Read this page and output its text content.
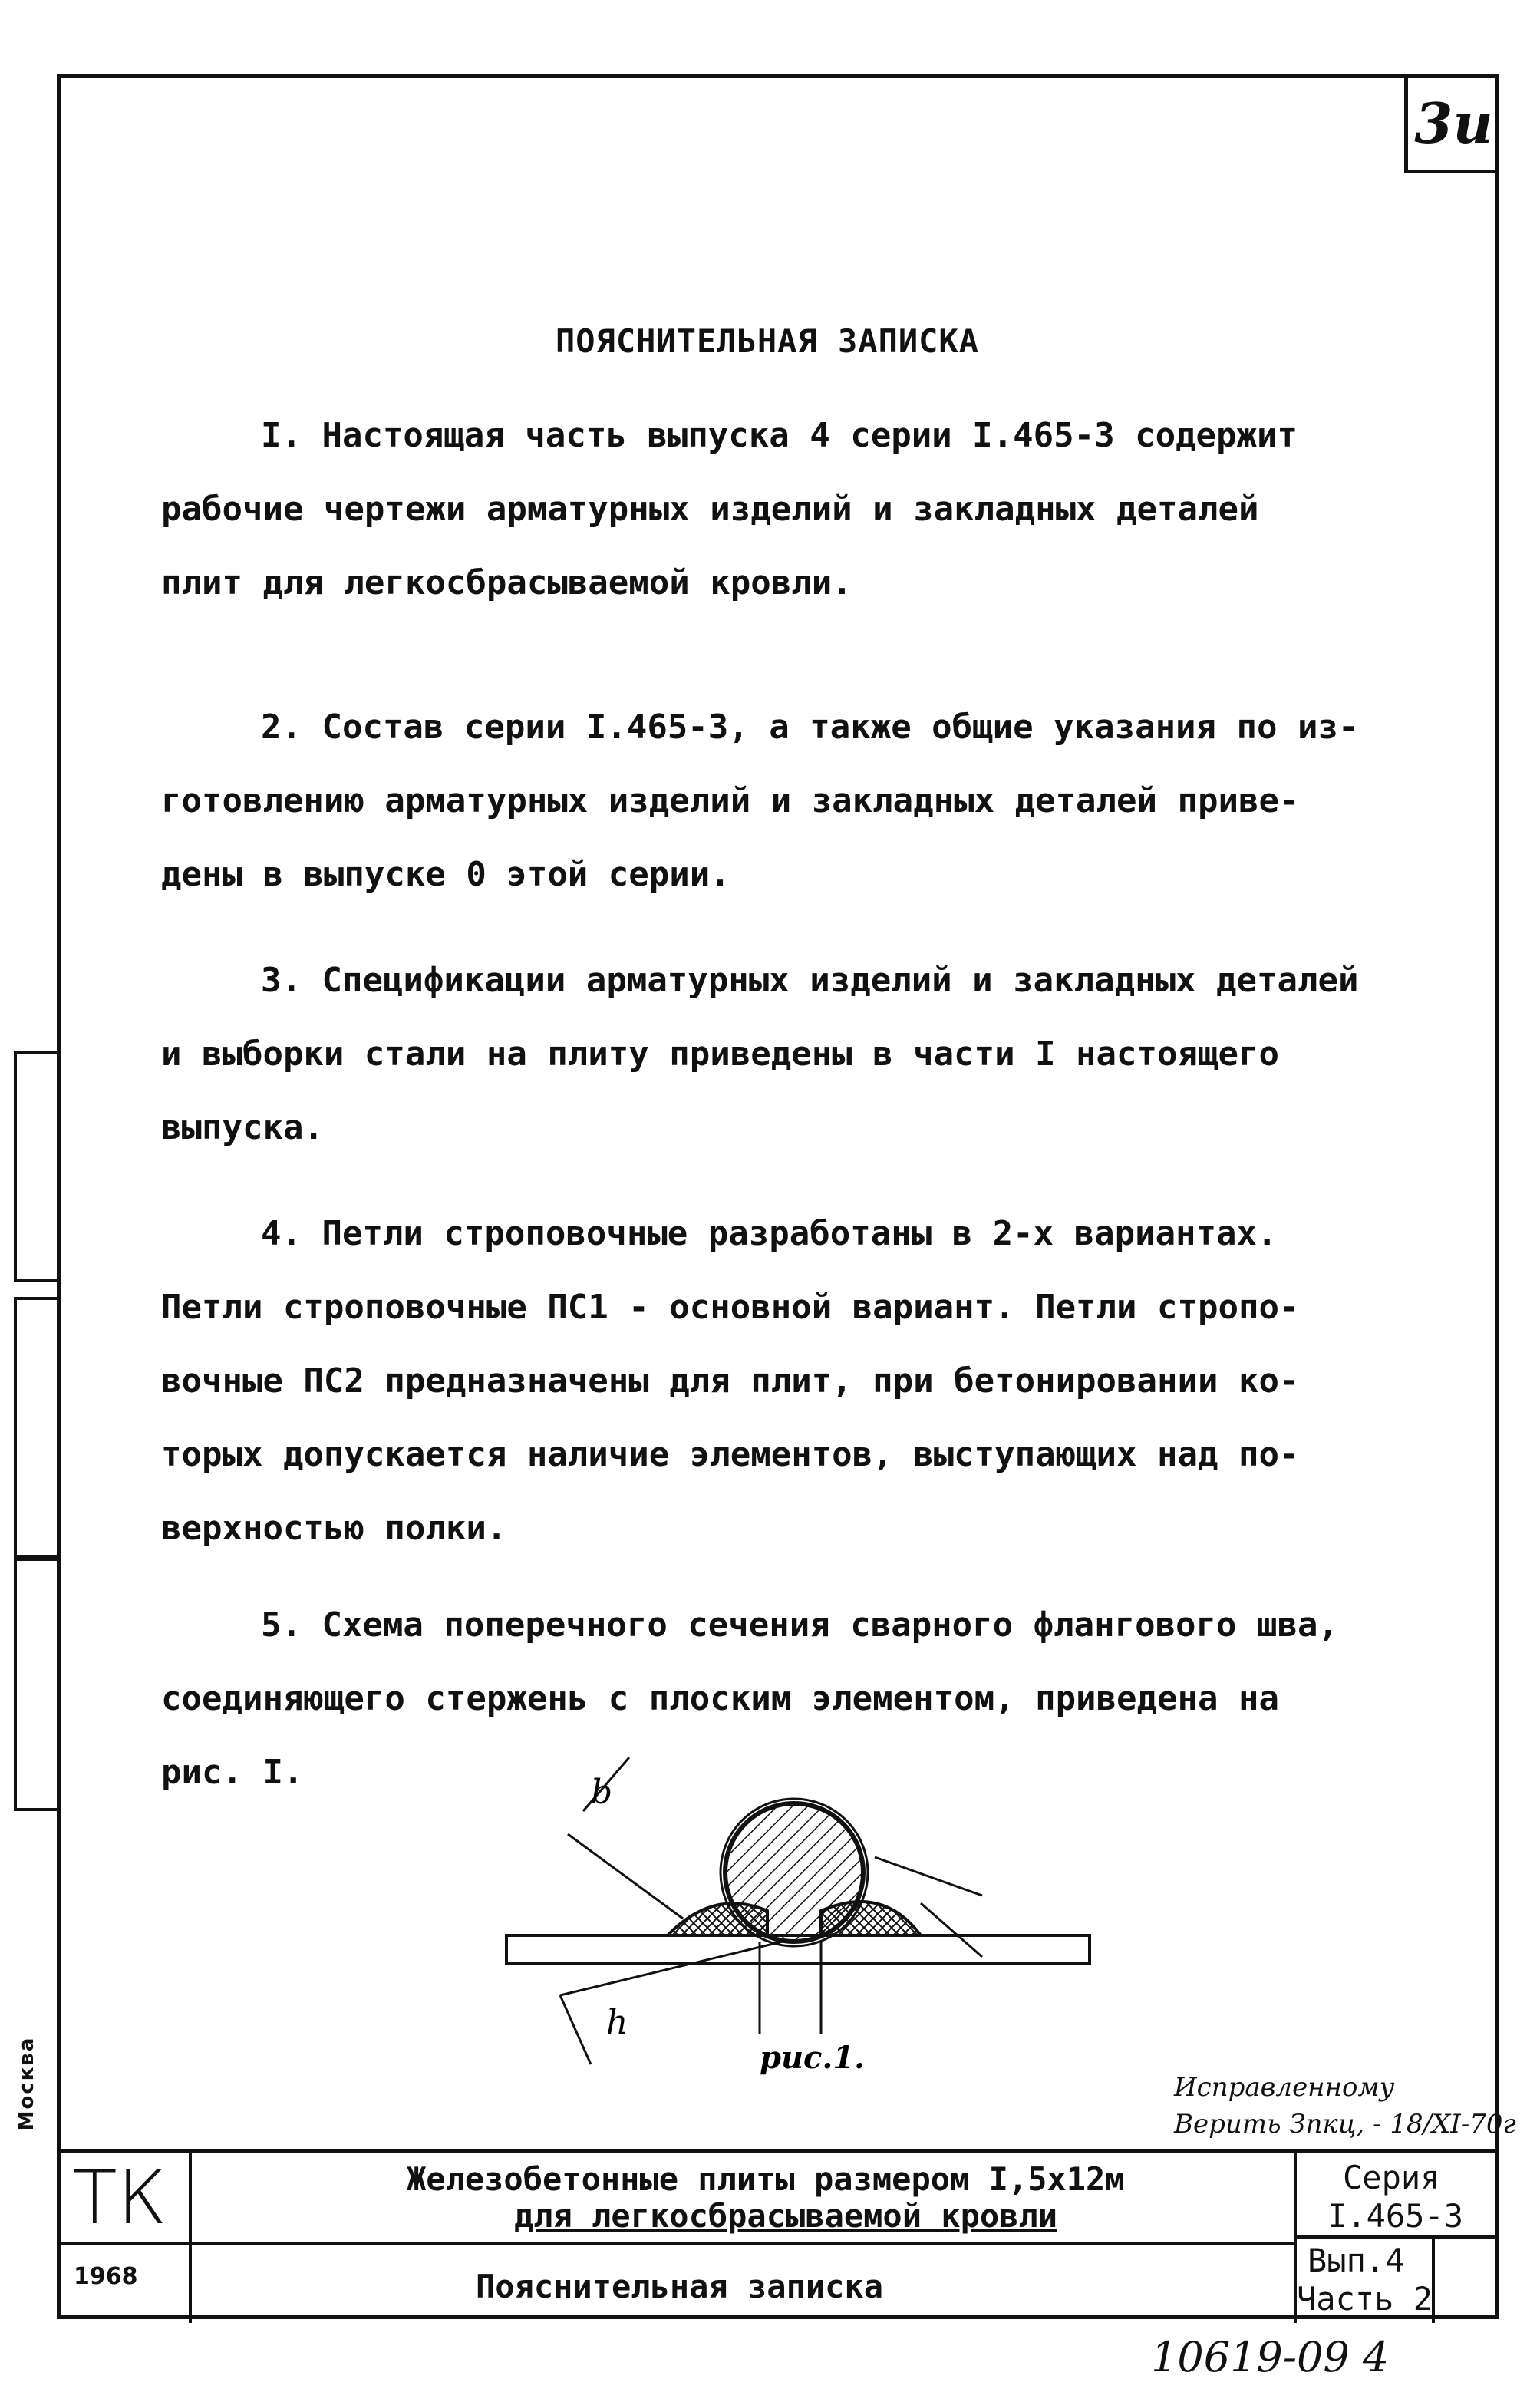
3и
Москва
ПОЯСНИТЕЛЬНАЯ ЗАПИСКА
I. Настоящая часть выпуска 4 серии I.465-3 содержит
рабочие чертежи арматурных изделий и закладных деталей
плит для легкосбрасываемой кровли.
2. Состав серии I.465-3, а также общие указания по из-
готовлению арматурных изделий и закладных деталей приве-
дены в выпуске 0 этой серии.
3. Спецификации арматурных изделий и закладных деталей
и выборки стали на плиту приведены в части I настоящего
выпуска.
4. Петли строповочные разработаны в 2-х вариантах.
Петли строповочные ПС1 - основной вариант. Петли стропо-
вочные ПС2 предназначены для плит, при бетонировании ко-
торых допускается наличие элементов, выступающих над по-
верхностью полки.
5. Схема поперечного сечения сварного флангового шва,
соединяющего стержень с плоским элементом, приведена на
рис. I.
b
h
рис.1.
Исправленному
Верить Зпкц, - 18/XI-70г
ТК
1968
Железобетонные плиты размером I,5х12м
для легкосбрасываемой кровли
Пояснительная записка
Серия
I.465-3
Вып.4
Часть 2
10619-09 4
